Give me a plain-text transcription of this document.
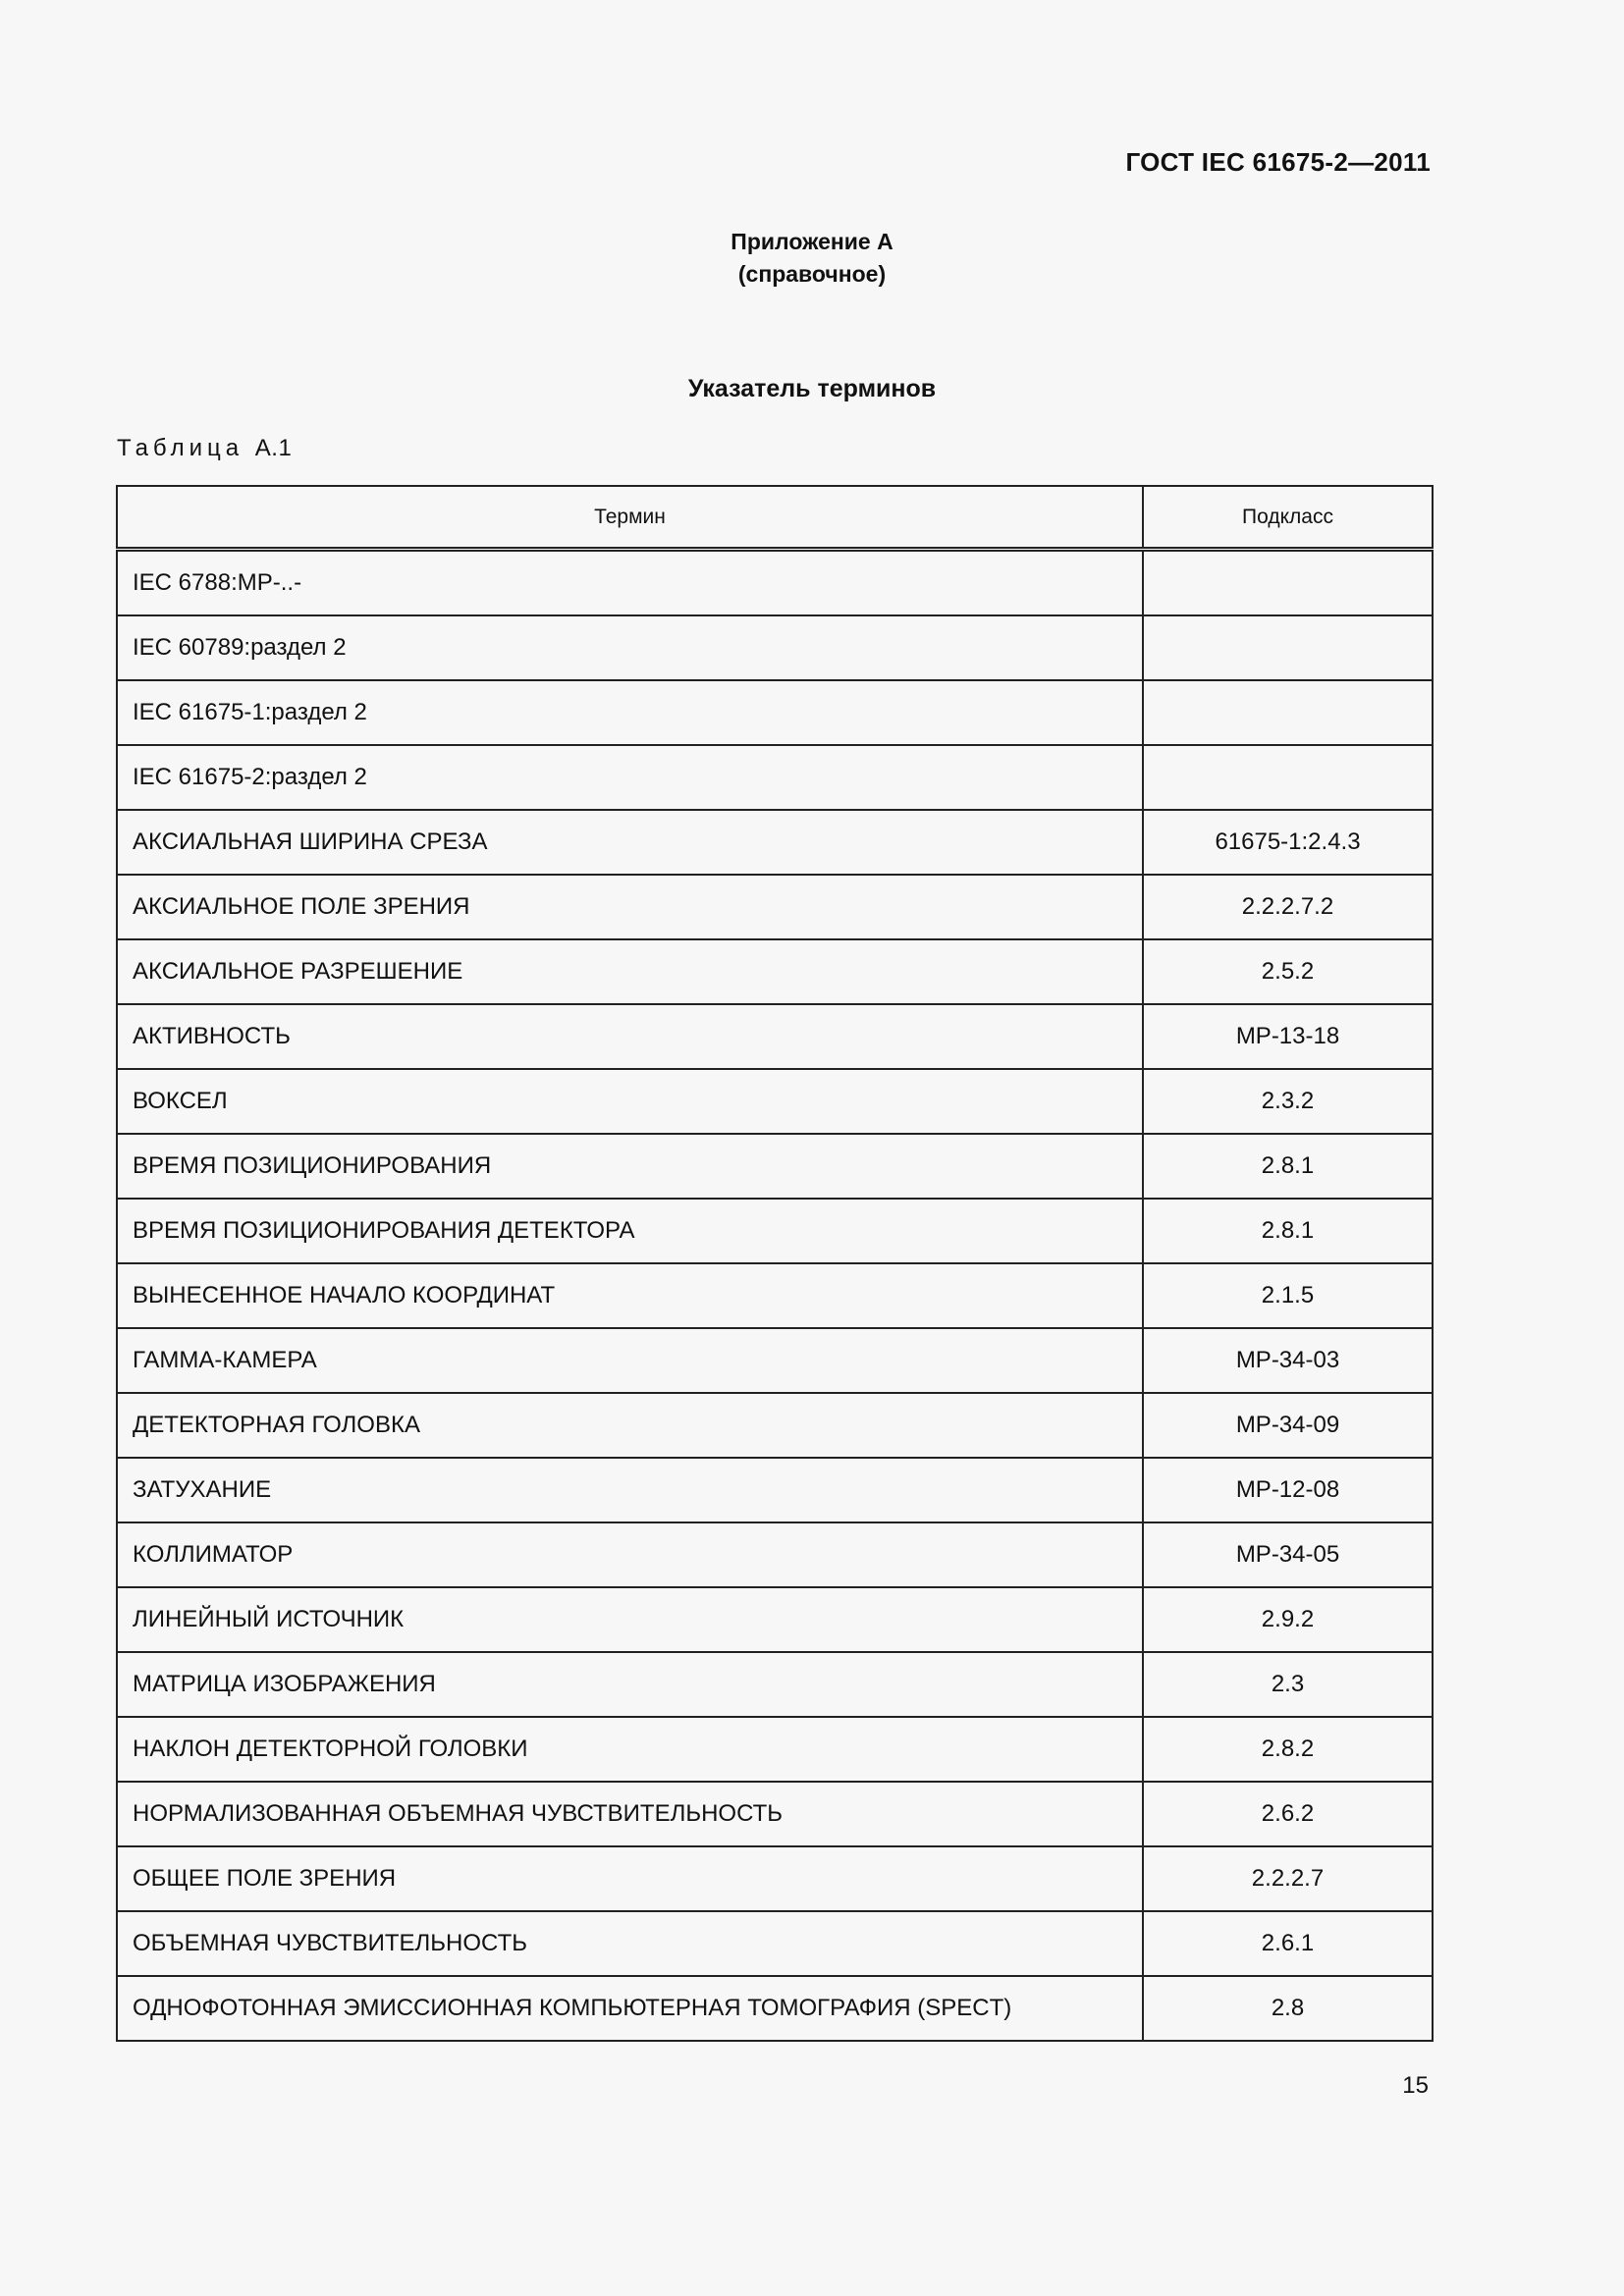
ГОСТ IEC 61675-2—2011
Приложение А
(справочное)
Указатель терминов
Таблица А.1
Термин	Подкласс
IEC 6788:МР-..-	
IEC 60789:раздел 2	
IEC 61675-1:раздел 2	
IEC 61675-2:раздел 2	
АКСИАЛЬНАЯ ШИРИНА СРЕЗА	61675-1:2.4.3
АКСИАЛЬНОЕ ПОЛЕ ЗРЕНИЯ	2.2.2.7.2
АКСИАЛЬНОЕ РАЗРЕШЕНИЕ	2.5.2
АКТИВНОСТЬ	МР-13-18
ВОКСЕЛ	2.3.2
ВРЕМЯ ПОЗИЦИОНИРОВАНИЯ	2.8.1
ВРЕМЯ ПОЗИЦИОНИРОВАНИЯ ДЕТЕКТОРА	2.8.1
ВЫНЕСЕННОЕ НАЧАЛО КООРДИНАТ	2.1.5
ГАММА-КАМЕРА	МР-34-03
ДЕТЕКТОРНАЯ ГОЛОВКА	МР-34-09
ЗАТУХАНИЕ	МР-12-08
КОЛЛИМАТОР	МР-34-05
ЛИНЕЙНЫЙ ИСТОЧНИК	2.9.2
МАТРИЦА ИЗОБРАЖЕНИЯ	2.3
НАКЛОН ДЕТЕКТОРНОЙ ГОЛОВКИ	2.8.2
НОРМАЛИЗОВАННАЯ ОБЪЕМНАЯ ЧУВСТВИТЕЛЬНОСТЬ	2.6.2
ОБЩЕЕ ПОЛЕ ЗРЕНИЯ	2.2.2.7
ОБЪЕМНАЯ ЧУВСТВИТЕЛЬНОСТЬ	2.6.1
ОДНОФОТОННАЯ ЭМИССИОННАЯ КОМПЬЮТЕРНАЯ ТОМОГРАФИЯ (SPECT)	2.8
15
